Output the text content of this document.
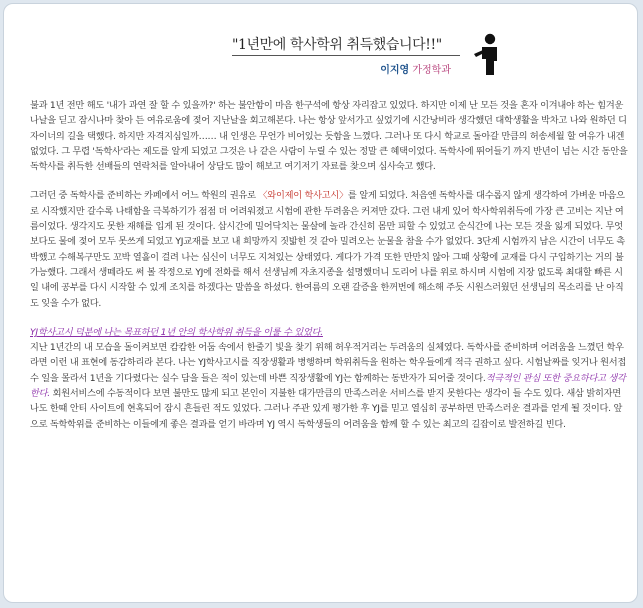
"1년만에 학사학위 취득했습니다!!"
이지영 가정학과

불과 1년 전만 해도 '내가 과연 잘 할 수 있을까?' 하는 불안함이 마음 한구석에 항상 자리잡고 있었다. 하지만 이제 난 모든 것을 혼자 이겨내야 하는 힘겨운 나날을 딛고 잠시나마 찾아 든 여유로움에 젖어 지난날을 회고해본다. 나는 항상 앞서가고 싶었기에 시간낭비라 생각했던 대학생활을 박차고 나와 원하던 디자이너의 길을 택했다. 하지만 자격지심일까…… 내 인생은 무언가 비어있는 듯함을 느꼈다. 그러나 또 다시 학교로 돌아갈 만큼의 허송세월 할 여유가 내겐 없었다. 그 무렵 '독학사'라는 제도를 알게 되었고 그것은 나 같은 사람이 누릴 수 있는 정말 큰 혜택이었다. 독학사에 뛰어들기 까지 반년이 넘는 시간 동안을 독학사를 취득한 선배들의 연락처를 알아내어 상담도 많이 해보고 여기저기 자료를 찾으며 심사숙고 했다.

그러던 중 독학사를 준비하는 카페에서 어느 학원의 권유로 〈와이제이 학사고시〉를 알게 되었다. 처음엔 독학사를 대수롭지 않게 생각하여 가벼운 마음으로 시작했지만 갈수록 나태함을 극복하기가 점점 더 어려워졌고 시험에 관한 두려움은 커져만 갔다. 그런 내게 있어 학사학위취득에 가장 큰 고비는 지난 여름이었다. 생각지도 못한 재해를 입게 된 것이다. 삽시간에 밀어닥치는 물살에 놀라 간신히 몸만 피할 수 있었고 순식간에 나는 모든 것을 잃게 되었다. 무엇보다도 물에 젖어 모두 못쓰게 되었고 YJ교재를 보고 내 희망까지 짓밟힌 것 같아 밀려오는 눈물을 참을 수가 없었다. 3단계 시험까지 남은 시간이 너무도 촉박했고 수해복구만도 꼬박 열흘이 걸려 나는 심신이 너무도 지쳐있는 상태였다. 게다가 가격 또한 만만치 않아 그때 상황에 교재를 다시 구입하기는 거의 불가능했다. 그래서 생떼라도 써 볼 작정으로 YJ에 전화를 해서 선생님께 자초지종을 설명했더니 도리어 나를 위로 하시며 시험에 지장 없도록 최대할 빠른 시일 내에 공부를 다시 시작할 수 있게 조치를 하겠다는 말씀을 하셨다. 한여름의 오랜 갈증을 한꺼번에 해소해 주듯 시원스러웠던 선생님의 목소리를 난 아직도 잊을 수가 없다.

YJ학사고시 덕분에 나는 목표하던 1년 안의 학사학위 취득을 이룰 수 있었다.
지난 1년간의 내 모습을 돌이켜보면 캄캄한 어둠 속에서 한줄기 빛을 찾기 위해 허우적거리는 두려움의 실체였다. 독학사를 준비하며 어려움을 느꼈던 학우라면 이런 내 표현에 동감하리라 본다. 나는 YJ학사고시를 직장생활과 병행하며 학위취득을 원하는 학우들에게 적극 권하고 싶다. 시험날짜를 잊거나 원서접수 일을 몰라서 1년을 기다렸다는 실수 담을 들은 적이 있는데 바쁜 직장생활에 YJ는 함께하는 동반자가 되어줄 것이다.적극적인 관심 또한 중요하다고 생각한다. 회원서비스에 수동적이다 보면 불만도 많게 되고 본인이 지불한 대가만큼의 만족스러운 서비스를 받지 못한다는 생각이 들 수도 있다. 새삼 밝히자면 나도 한때 안티 사이트에 현혹되어 잠시 흔들린 적도 있었다. 그러나 주관 있게 평가한 후 YJ를 믿고 열심히 공부하면 만족스러운 결과를 얻게 될 것이다. 앞으로 독학학위를 준비하는 이들에게 좋은 결과를 얻기 바라며 YJ 역시 독학생들의 어려움을 함께 할 수 있는 최고의 길잡이로 발전하길 빈다.
